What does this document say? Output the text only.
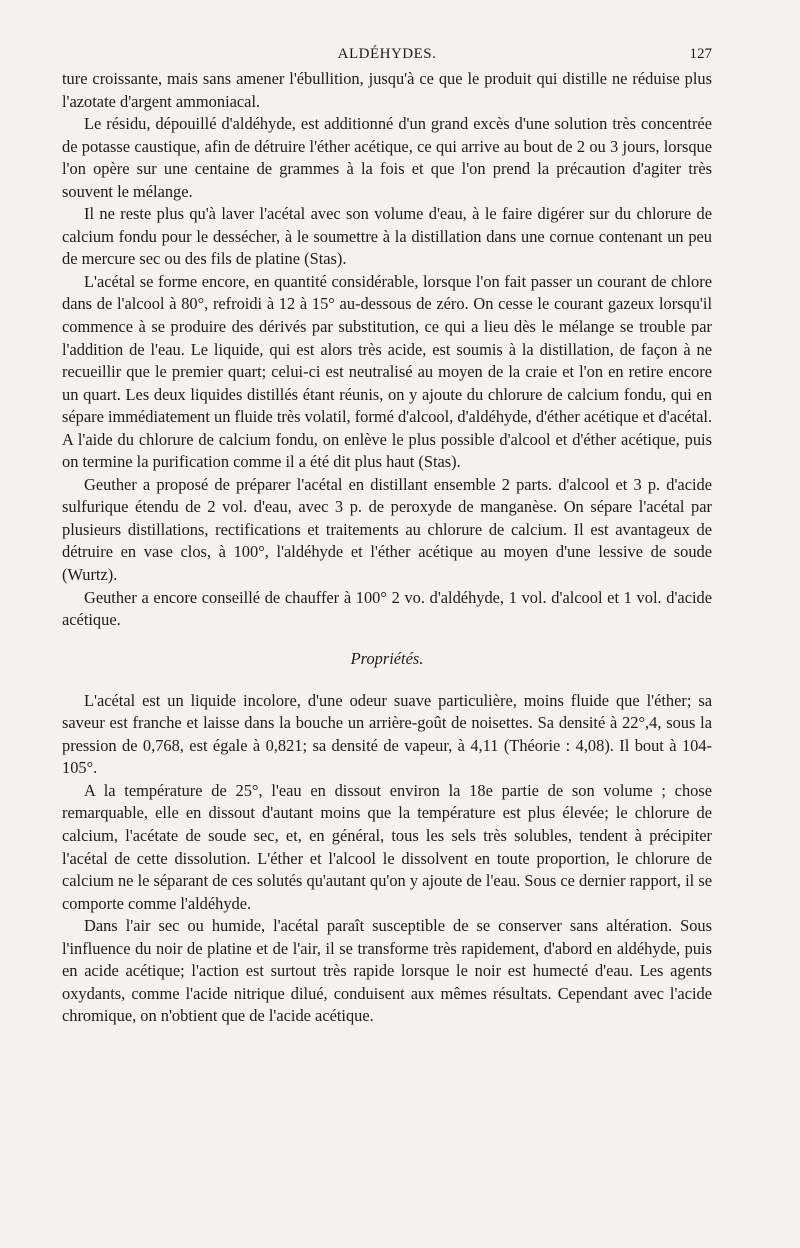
ALDÉHYDES.	127

ture croissante, mais sans amener l'ébullition, jusqu'à ce que le produit qui distille ne réduise plus l'azotate d'argent ammoniacal.

Le résidu, dépouillé d'aldéhyde, est additionné d'un grand excès d'une solution très concentrée de potasse caustique, afin de détruire l'éther acétique, ce qui arrive au bout de 2 ou 3 jours, lorsque l'on opère sur une centaine de grammes à la fois et que l'on prend la précaution d'agiter très souvent le mélange.

Il ne reste plus qu'à laver l'acétal avec son volume d'eau, à le faire digérer sur du chlorure de calcium fondu pour le dessécher, à le soumettre à la distillation dans une cornue contenant un peu de mercure sec ou des fils de platine (Stas).

L'acétal se forme encore, en quantité considérable, lorsque l'on fait passer un courant de chlore dans de l'alcool à 80°, refroidi à 12 à 15° au-dessous de zéro. On cesse le courant gazeux lorsqu'il commence à se produire des dérivés par substitution, ce qui a lieu dès le mélange se trouble par l'addition de l'eau. Le liquide, qui est alors très acide, est soumis à la distillation, de façon à ne recueillir que le premier quart; celui-ci est neutralisé au moyen de la craie et l'on en retire encore un quart. Les deux liquides distillés étant réunis, on y ajoute du chlorure de calcium fondu, qui en sépare immédiatement un fluide très volatil, formé d'alcool, d'aldéhyde, d'éther acétique et d'acétal. A l'aide du chlorure de calcium fondu, on enlève le plus possible d'alcool et d'éther acétique, puis on termine la purification comme il a été dit plus haut (Stas).

Geuther a proposé de préparer l'acétal en distillant ensemble 2 parts. d'alcool et 3 p. d'acide sulfurique étendu de 2 vol. d'eau, avec 3 p. de peroxyde de manganèse. On sépare l'acétal par plusieurs distillations, rectifications et traitements au chlorure de calcium. Il est avantageux de détruire en vase clos, à 100°, l'aldéhyde et l'éther acétique au moyen d'une lessive de soude (Wurtz).

Geuther a encore conseillé de chauffer à 100° 2 vo. d'aldéhyde, 1 vol. d'alcool et 1 vol. d'acide acétique.

Propriétés.

L'acétal est un liquide incolore, d'une odeur suave particulière, moins fluide que l'éther; sa saveur est franche et laisse dans la bouche un arrière-goût de noisettes. Sa densité à 22°,4, sous la pression de 0,768, est égale à 0,821; sa densité de vapeur, à 4,11 (Théorie : 4,08). Il bout à 104-105°.

A la température de 25°, l'eau en dissout environ la 18e partie de son volume ; chose remarquable, elle en dissout d'autant moins que la température est plus élevée; le chlorure de calcium, l'acétate de soude sec, et, en général, tous les sels très solubles, tendent à précipiter l'acétal de cette dissolution. L'éther et l'alcool le dissolvent en toute proportion, le chlorure de calcium ne le séparant de ces solutés qu'autant qu'on y ajoute de l'eau. Sous ce dernier rapport, il se comporte comme l'aldéhyde.

Dans l'air sec ou humide, l'acétal paraît susceptible de se conserver sans altération. Sous l'influence du noir de platine et de l'air, il se transforme très rapidement, d'abord en aldéhyde, puis en acide acétique; l'action est surtout très rapide lorsque le noir est humecté d'eau. Les agents oxydants, comme l'acide nitrique dilué, conduisent aux mêmes résultats. Cependant avec l'acide chromique, on n'obtient que de l'acide acétique.
